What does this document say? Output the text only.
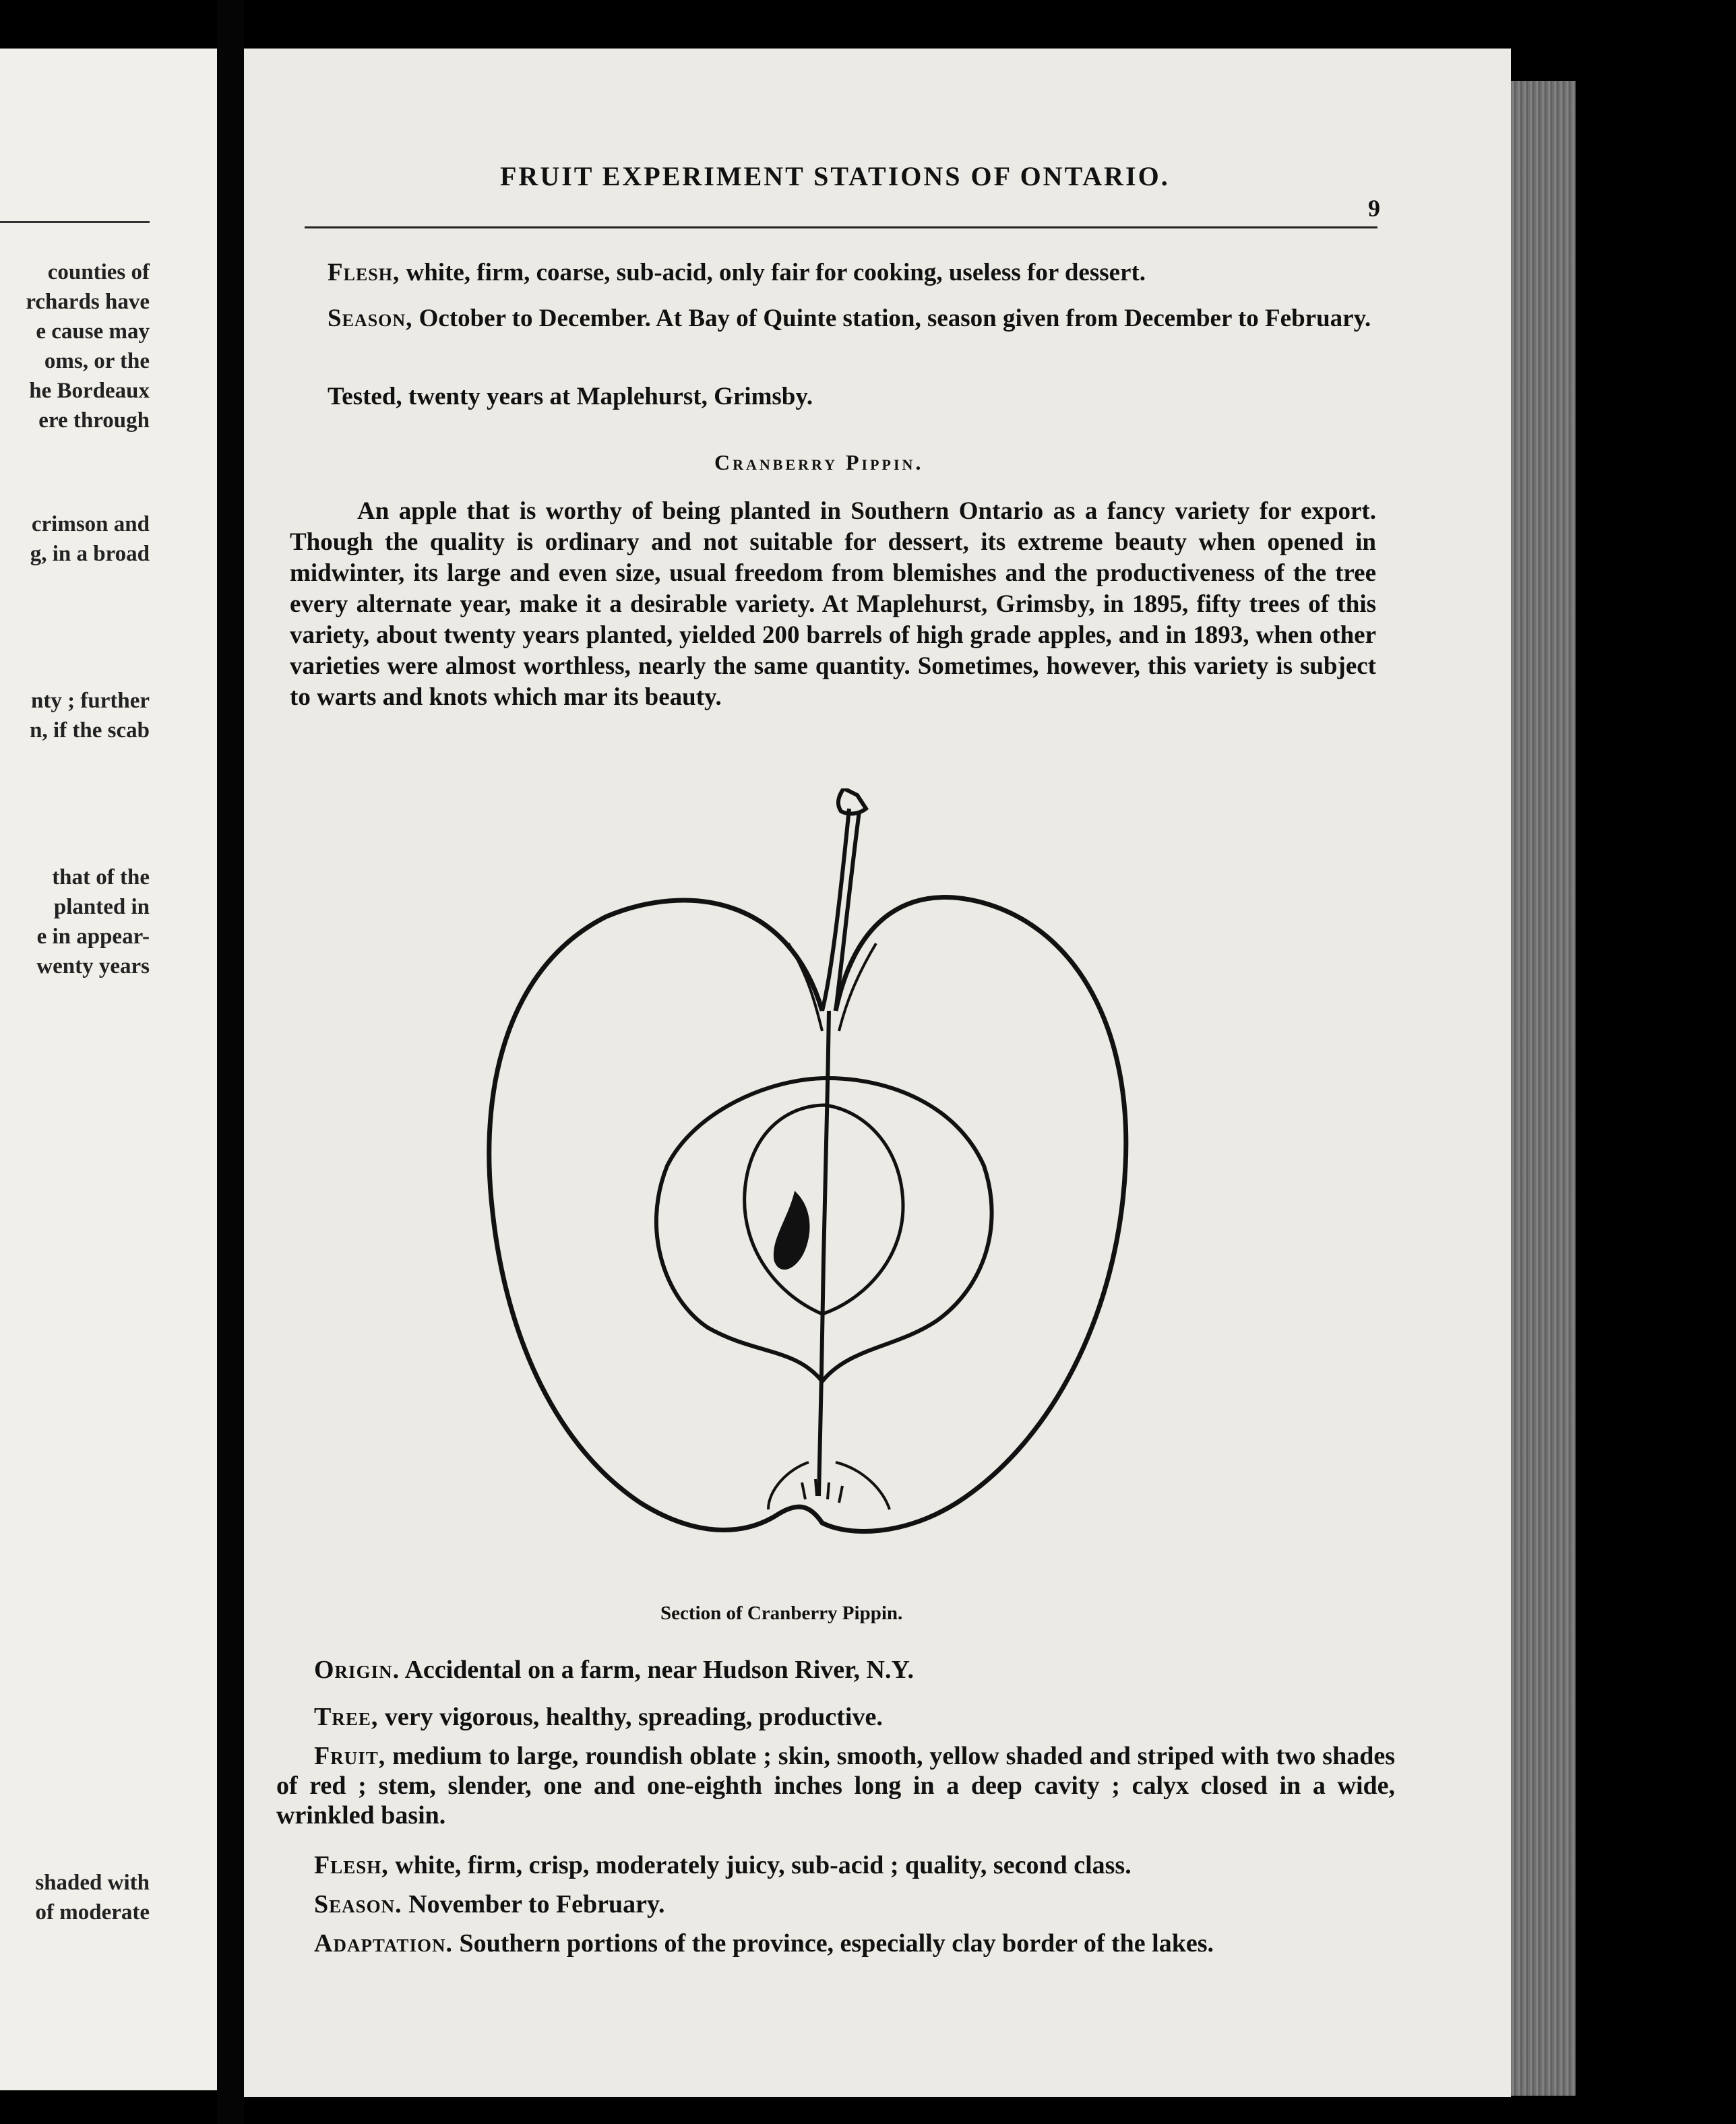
counties of
rchards have
e cause may
oms, or the
he Bordeaux
ere through
crimson and
g, in a broad
nty ; further
n, if the scab
that of the
planted in
e in appear-
wenty years
shaded with
of moderate
FRUIT EXPERIMENT STATIONS OF ONTARIO.
9
Flesh, white, firm, coarse, sub-acid, only fair for cooking, useless for dessert.
Season, October to December. At Bay of Quinte station, season given from December to February.
Tested, twenty years at Maplehurst, Grimsby.
Cranberry Pippin.
An apple that is worthy of being planted in Southern Ontario as a fancy variety for export. Though the quality is ordinary and not suitable for dessert, its extreme beauty when opened in midwinter, its large and even size, usual freedom from blemishes and the productiveness of the tree every alternate year, make it a desirable variety. At Maplehurst, Grimsby, in 1895, fifty trees of this variety, about twenty years planted, yielded 200 barrels of high grade apples, and in 1893, when other varieties were almost worthless, nearly the same quantity. Sometimes, however, this variety is subject to warts and knots which mar its beauty.
Section of Cranberry Pippin.
Origin. Accidental on a farm, near Hudson River, N.Y.
Tree, very vigorous, healthy, spreading, productive.
Fruit, medium to large, roundish oblate ; skin, smooth, yellow shaded and striped with two shades of red ; stem, slender, one and one-eighth inches long in a deep cavity ; calyx closed in a wide, wrinkled basin.
Flesh, white, firm, crisp, moderately juicy, sub-acid ; quality, second class.
Season. November to February.
Adaptation. Southern portions of the province, especially clay border of the lakes.
